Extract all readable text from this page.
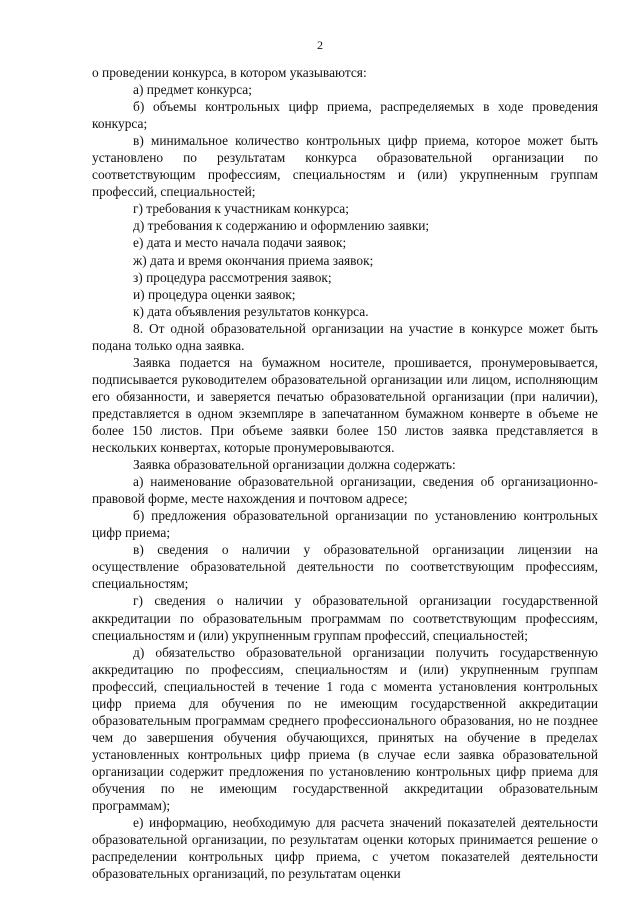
2

о проведении конкурса, в котором указываются:

а) предмет конкурса;

б) объемы контрольных цифр приема, распределяемых в ходе проведения конкурса;

в) минимальное количество контрольных цифр приема, которое может быть установлено по результатам конкурса образовательной организации по соответствующим профессиям, специальностям и (или) укрупненным группам профессий, специальностей;

г) требования к участникам конкурса;

д) требования к содержанию и оформлению заявки;

е) дата и место начала подачи заявок;

ж) дата и время окончания приема заявок;

з) процедура рассмотрения заявок;

и) процедура оценки заявок;

к) дата объявления результатов конкурса.

8. От одной образовательной организации на участие в конкурсе может быть подана только одна заявка.

Заявка подается на бумажном носителе, прошивается, пронумеровывается, подписывается руководителем образовательной организации или лицом, исполняющим его обязанности, и заверяется печатью образовательной организации (при наличии), представляется в одном экземпляре в запечатанном бумажном конверте в объеме не более 150 листов. При объеме заявки более 150 листов заявка представляется в нескольких конвертах, которые пронумеровываются.

Заявка образовательной организации должна содержать:

а) наименование образовательной организации, сведения об организационно-правовой форме, месте нахождения и почтовом адресе;

б) предложения образовательной организации по установлению контрольных цифр приема;

в) сведения о наличии у образовательной организации лицензии на осуществление образовательной деятельности по соответствующим профессиям, специальностям;

г) сведения о наличии у образовательной организации государственной аккредитации по образовательным программам по соответствующим профессиям, специальностям и (или) укрупненным группам профессий, специальностей;

д) обязательство образовательной организации получить государственную аккредитацию по профессиям, специальностям и (или) укрупненным группам профессий, специальностей в течение 1 года с момента установления контрольных цифр приема для обучения по не имеющим государственной аккредитации образовательным программам среднего профессионального образования, но не позднее чем до завершения обучения обучающихся, принятых на обучение в пределах установленных контрольных цифр приема (в случае если заявка образовательной организации содержит предложения по установлению контрольных цифр приема для обучения по не имеющим государственной аккредитации образовательным программам);

е) информацию, необходимую для расчета значений показателей деятельности образовательной организации, по результатам оценки которых принимается решение о распределении контрольных цифр приема, с учетом показателей деятельности образовательных организаций, по результатам оценки
